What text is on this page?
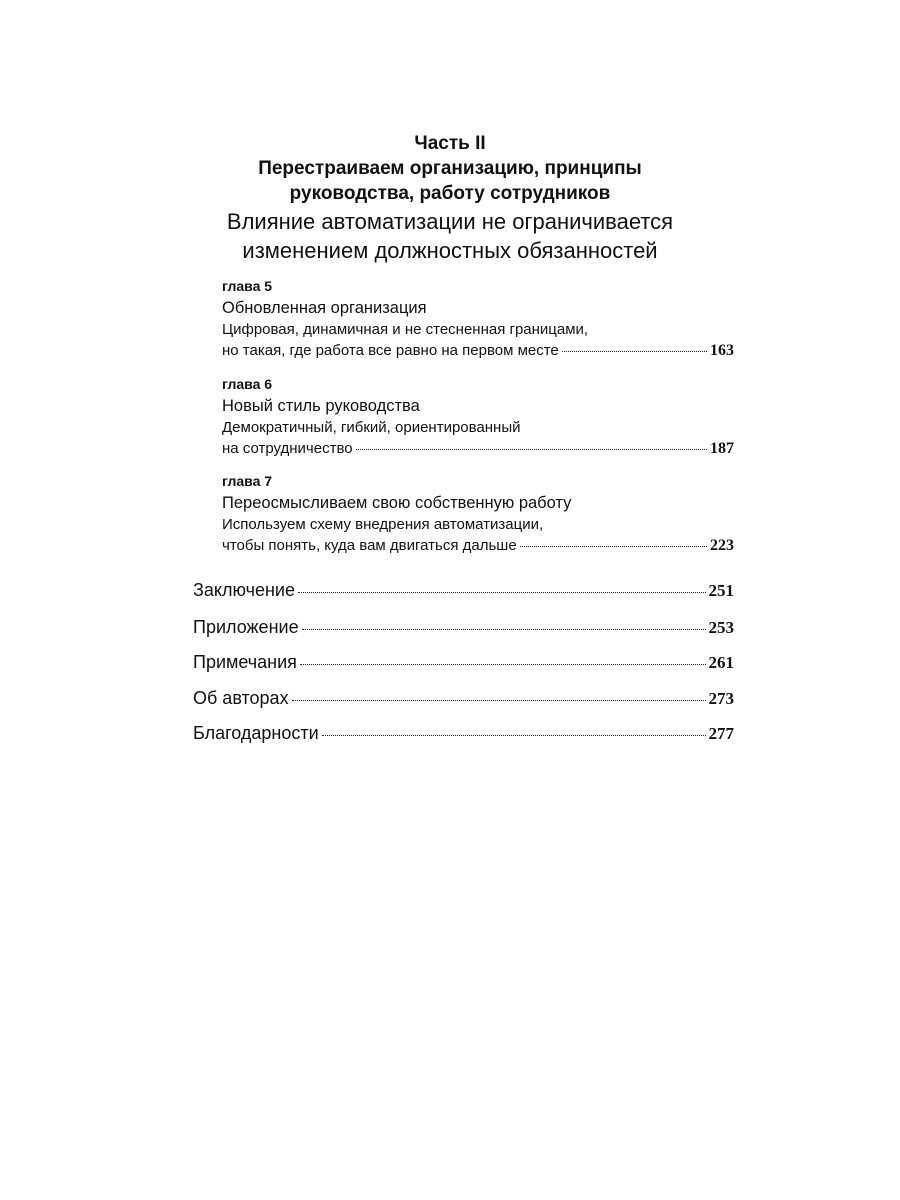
Часть II
Перестраиваем организацию, принципы
руководства, работу сотрудников
Влияние автоматизации не ограничивается
изменением должностных обязанностей
глава 5
Обновленная организация
Цифровая, динамичная и не стесненная границами,
но такая, где работа все равно на первом месте	163
глава 6
Новый стиль руководства
Демократичный, гибкий, ориентированный
на сотрудничество	187
глава 7
Переосмысливаем свою собственную работу
Используем схему внедрения автоматизации,
чтобы понять, куда вам двигаться дальше	223
Заключение	251
Приложение	253
Примечания	261
Об авторах	273
Благодарности	277
